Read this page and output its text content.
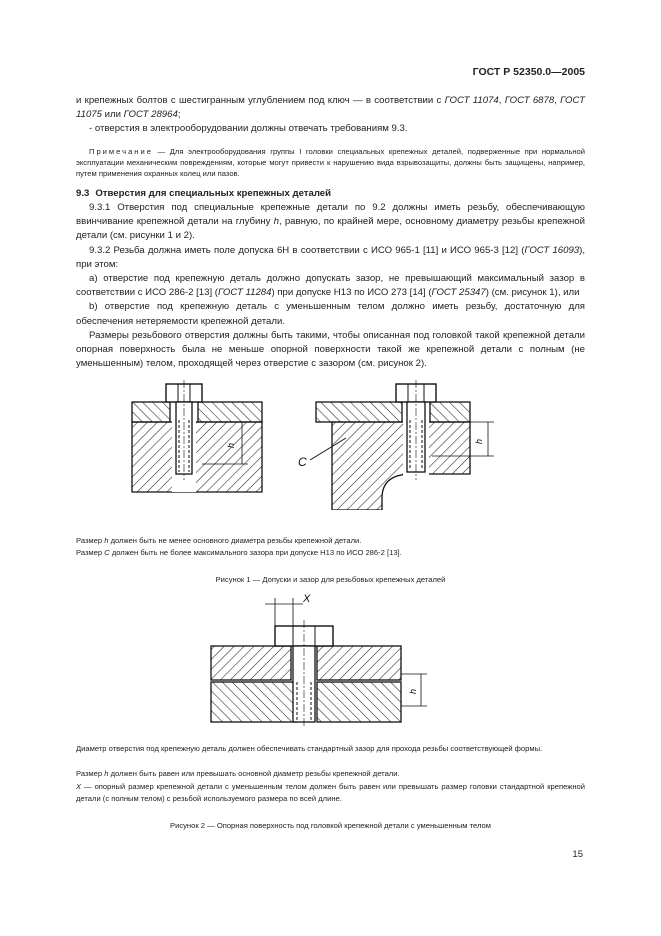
ГОСТ Р 52350.0—2005

и крепежных болтов с шестигранным углублением под ключ — в соответствии с ГОСТ 11074, ГОСТ 6878, ГОСТ 11075 или ГОСТ 28964;

- отверстия в электрооборудовании должны отвечать требованиям 9.3.

Примечание — Для электрооборудования группы I головки специальных крепежных деталей, подверженные при нормальной эксплуатации механическим повреждениям, которые могут привести к нарушению вида взрывозащиты, должны быть защищены, например, путем применения охранных колец или пазов.

9.3 Отверстия для специальных крепежных деталей

9.3.1 Отверстия под специальные крепежные детали по 9.2 должны иметь резьбу, обеспечивающую ввинчивание крепежной детали на глубину h, равную, по крайней мере, основному диаметру резьбы крепежной детали (см. рисунки 1 и 2).

9.3.2 Резьба должна иметь поле допуска 6Н в соответствии с ИСО 965-1 [11] и ИСО 965-3 [12] (ГОСТ 16093), при этом:

a) отверстие под крепежную деталь должно допускать зазор, не превышающий максимальный зазор в соответствии с ИСО 286-2 [13] (ГОСТ 11284) при допуске Н13 по ИСО 273 [14] (ГОСТ 25347) (см. рисунок 1), или

b) отверстие под крепежную деталь с уменьшенным телом должно иметь резьбу, достаточную для обеспечения нетеряемости крепежной детали.

Размеры резьбового отверстия должны быть такими, чтобы описанная под головкой такой крепежной детали опорная поверхность была не меньше опорной поверхности такой же крепежной детали с полным (не уменьшенным) телом, проходящей через отверстие с зазором (см. рисунок 2).

h
h
С
Размер h должен быть не менее основного диаметра резьбы крепежной детали.
Размер С должен быть не более максимального зазора при допуске Н13 по ИСО 286-2 [13].
Рисунок 1 — Допуски и зазор для резьбовых крепежных деталей
X
h
Диаметр отверстия под крепежную деталь должен обеспечивать стандартный зазор для прохода резьбы соответствующей формы.
Размер h должен быть равен или превышать основной диаметр резьбы крепежной детали.
X — опорный размер крепежной детали с уменьшенным телом должен быть равен или превышать размер головки стандартной крепежной детали (с полным телом) с резьбой используемого размера по всей длине.
Рисунок 2 — Опорная поверхность под головкой крепежной детали с уменьшенным телом
15
